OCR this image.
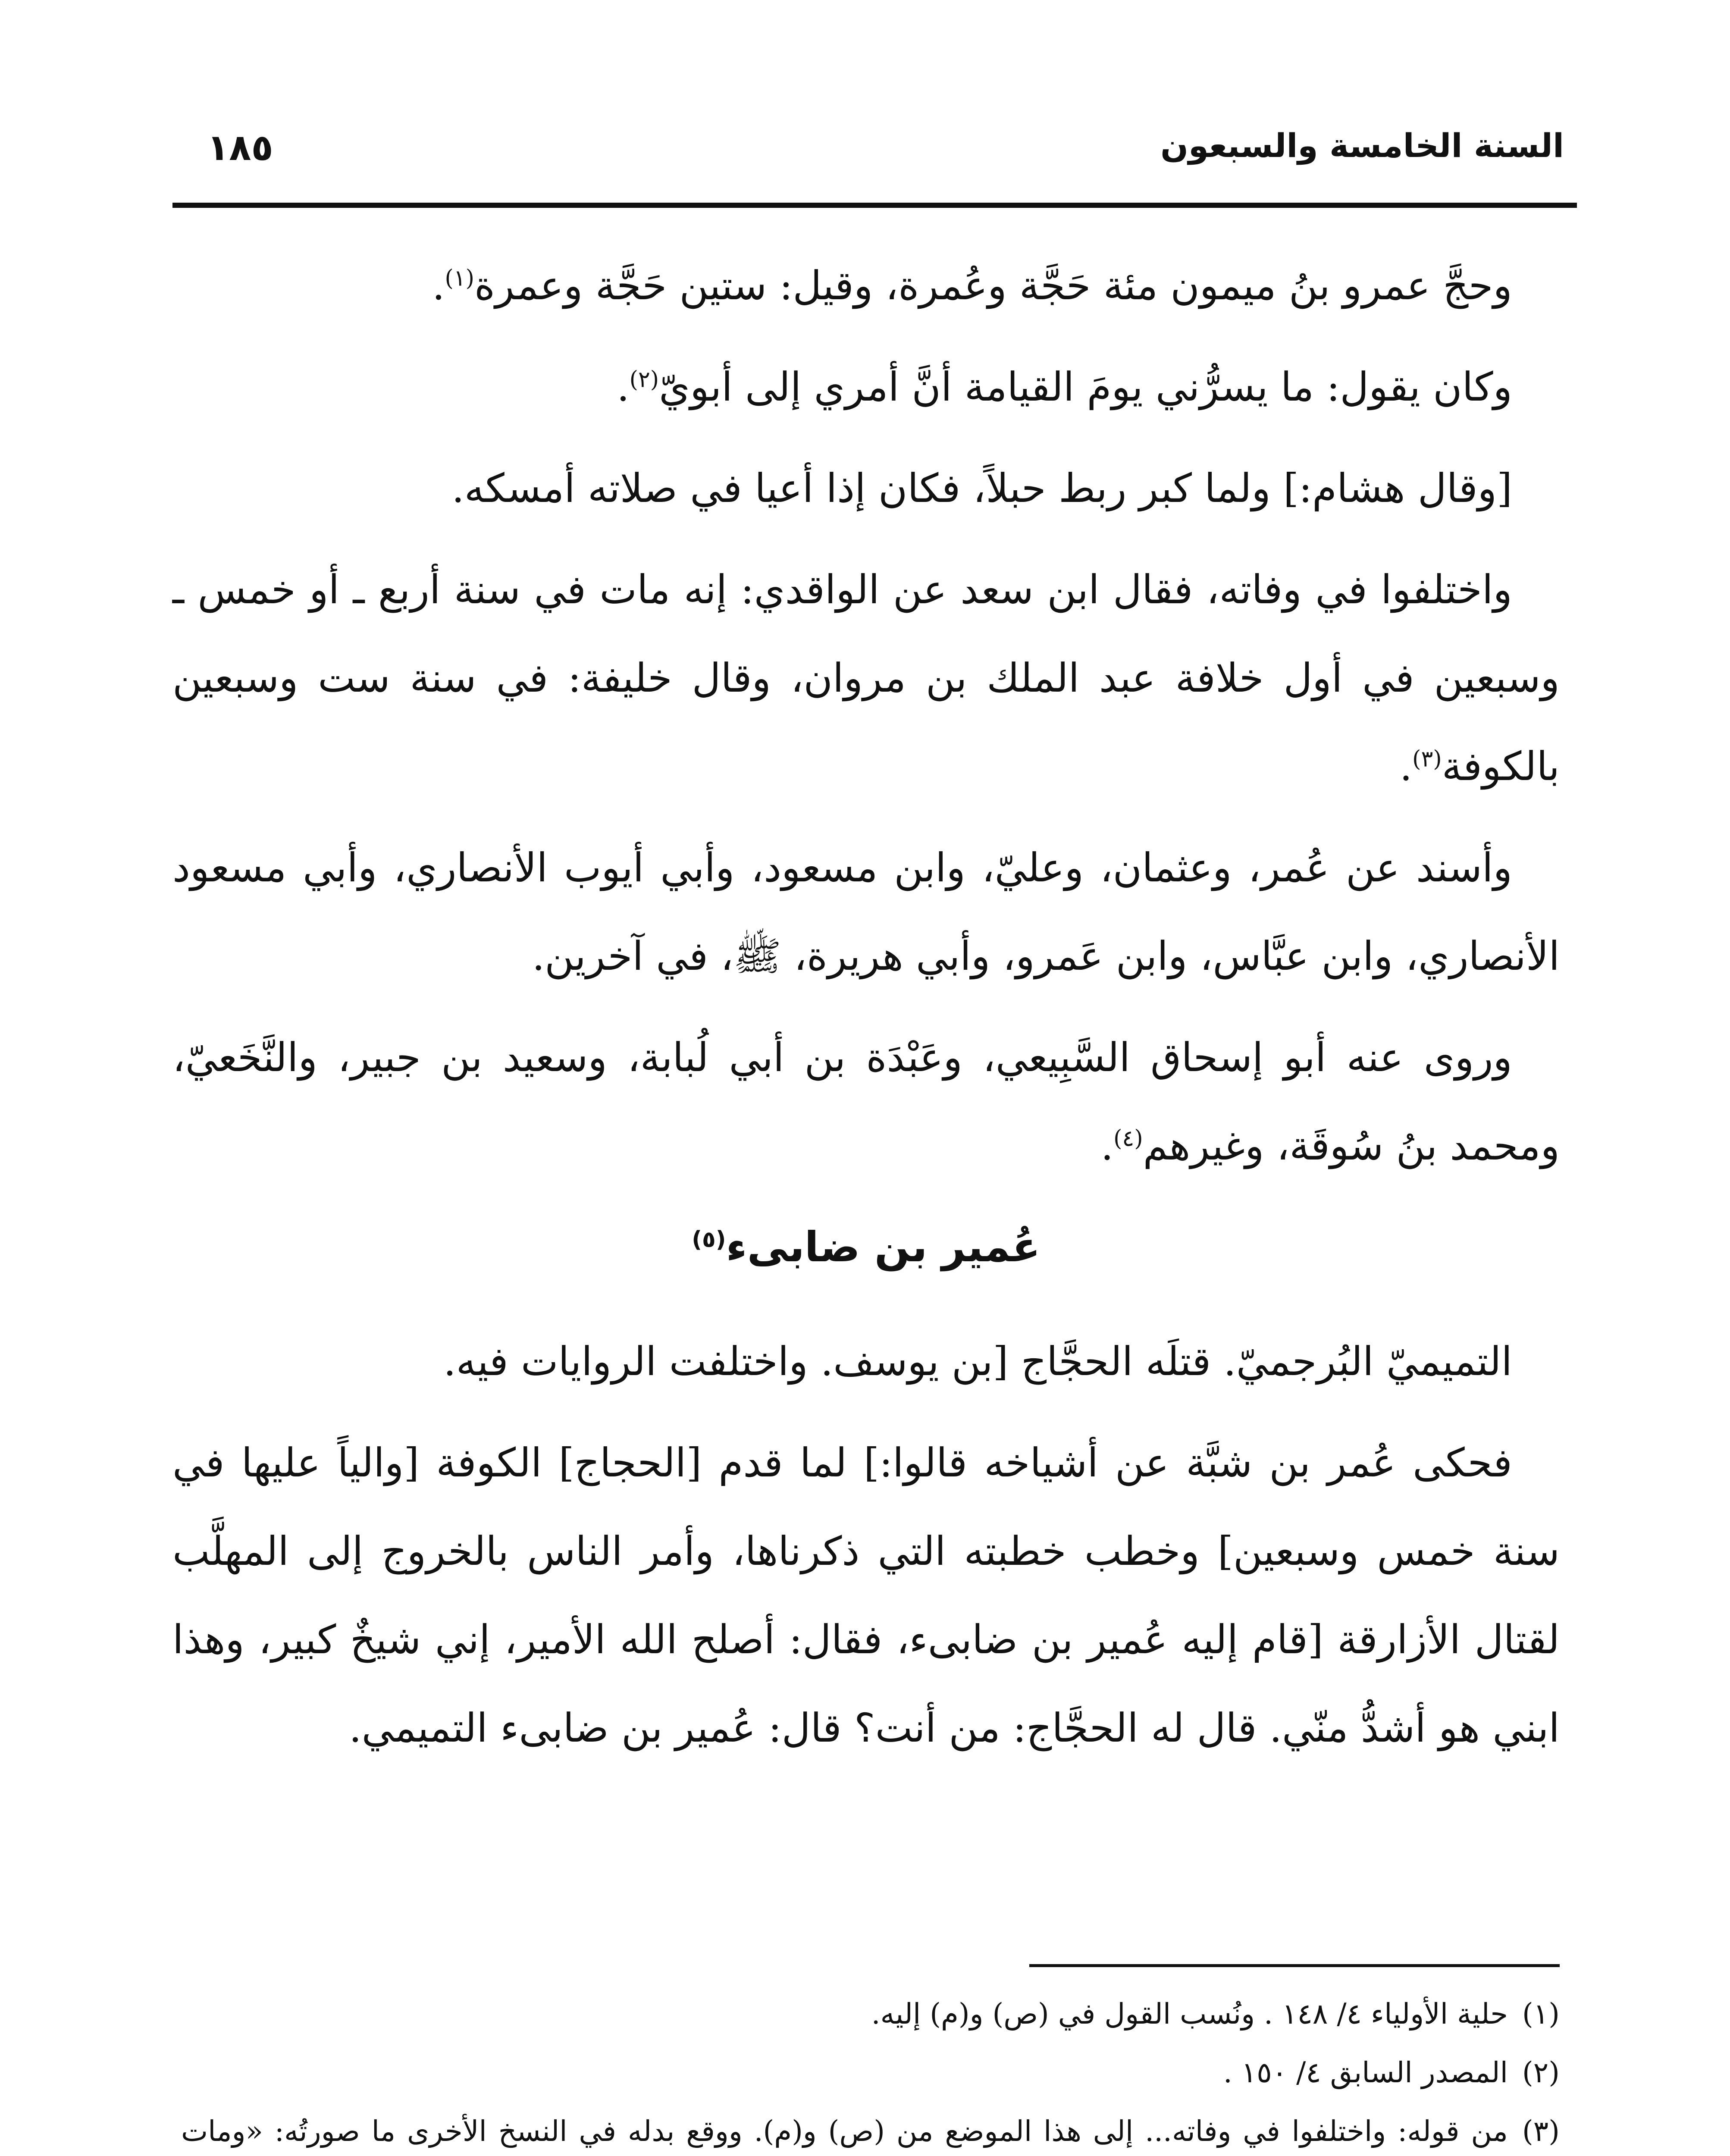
السنة الخامسة والسبعون
١٨٥

وحجَّ عمرو بنُ ميمون مئة حَجَّة وعُمرة، وقيل: ستين حَجَّة وعمرة$^{(١)}$.

وكان يقول: ما يسرُّني يومَ القيامة أنَّ أمري إلى أبويّ$^{(٢)}$.

[وقال هشام:] ولما كبر ربط حبلاً، فكان إذا أعيا في صلاته أمسكه.

واختلفوا في وفاته، فقال ابن سعد عن الواقدي: إنه مات في سنة أربع ـ أو خمس ـ وسبعين في أول خلافة عبد الملك بن مروان، وقال خليفة: في سنة ست وسبعين بالكوفة$^{(٣)}$.

وأسند عن عُمر، وعثمان، وعليّ، وابن مسعود، وأبي أيوب الأنصاري، وأبي مسعود الأنصاري، وابن عبَّاس، وابن عَمرو، وأبي هريرة، ﷺ، في آخرين.

وروى عنه أبو إسحاق السَّبِيعي، وعَبْدَة بن أبي لُبابة، وسعيد بن جبير، والنَّخَعيّ، ومحمد بنُ سُوقَة، وغيرهم$^{(٤)}$.

عُمير بن ضابىء$^{(٥)}$

التميميّ البُرجميّ. قتلَه الحجَّاج [بن يوسف. واختلفت الروايات فيه.

فحكى عُمر بن شبَّة عن أشياخه قالوا:] لما قدم [الحجاج] الكوفة [والياً عليها في سنة خمس وسبعين] وخطب خطبته التي ذكرناها، وأمر الناس بالخروج إلى المهلَّب لقتال الأزارقة [قام إليه عُمير بن ضابىء، فقال: أصلح الله الأمير، إني شيخٌ كبير، وهذا ابني هو أشدُّ منّي. قال له الحجَّاج: من أنت؟ قال: عُمير بن ضابىء التميمي.

(١)حلية الأولياء ٤/ ١٤٨ . ونُسب القول في (ص) و(م) إليه.
(٢)المصدر السابق ٤/ ١٥٠ .
(٣)من قوله: واختلفوا في وفاته... إلى هذا الموضع من (ص) و(م). ووقع بدله في النسخ الأخرى ما صورتُه: «ومات
